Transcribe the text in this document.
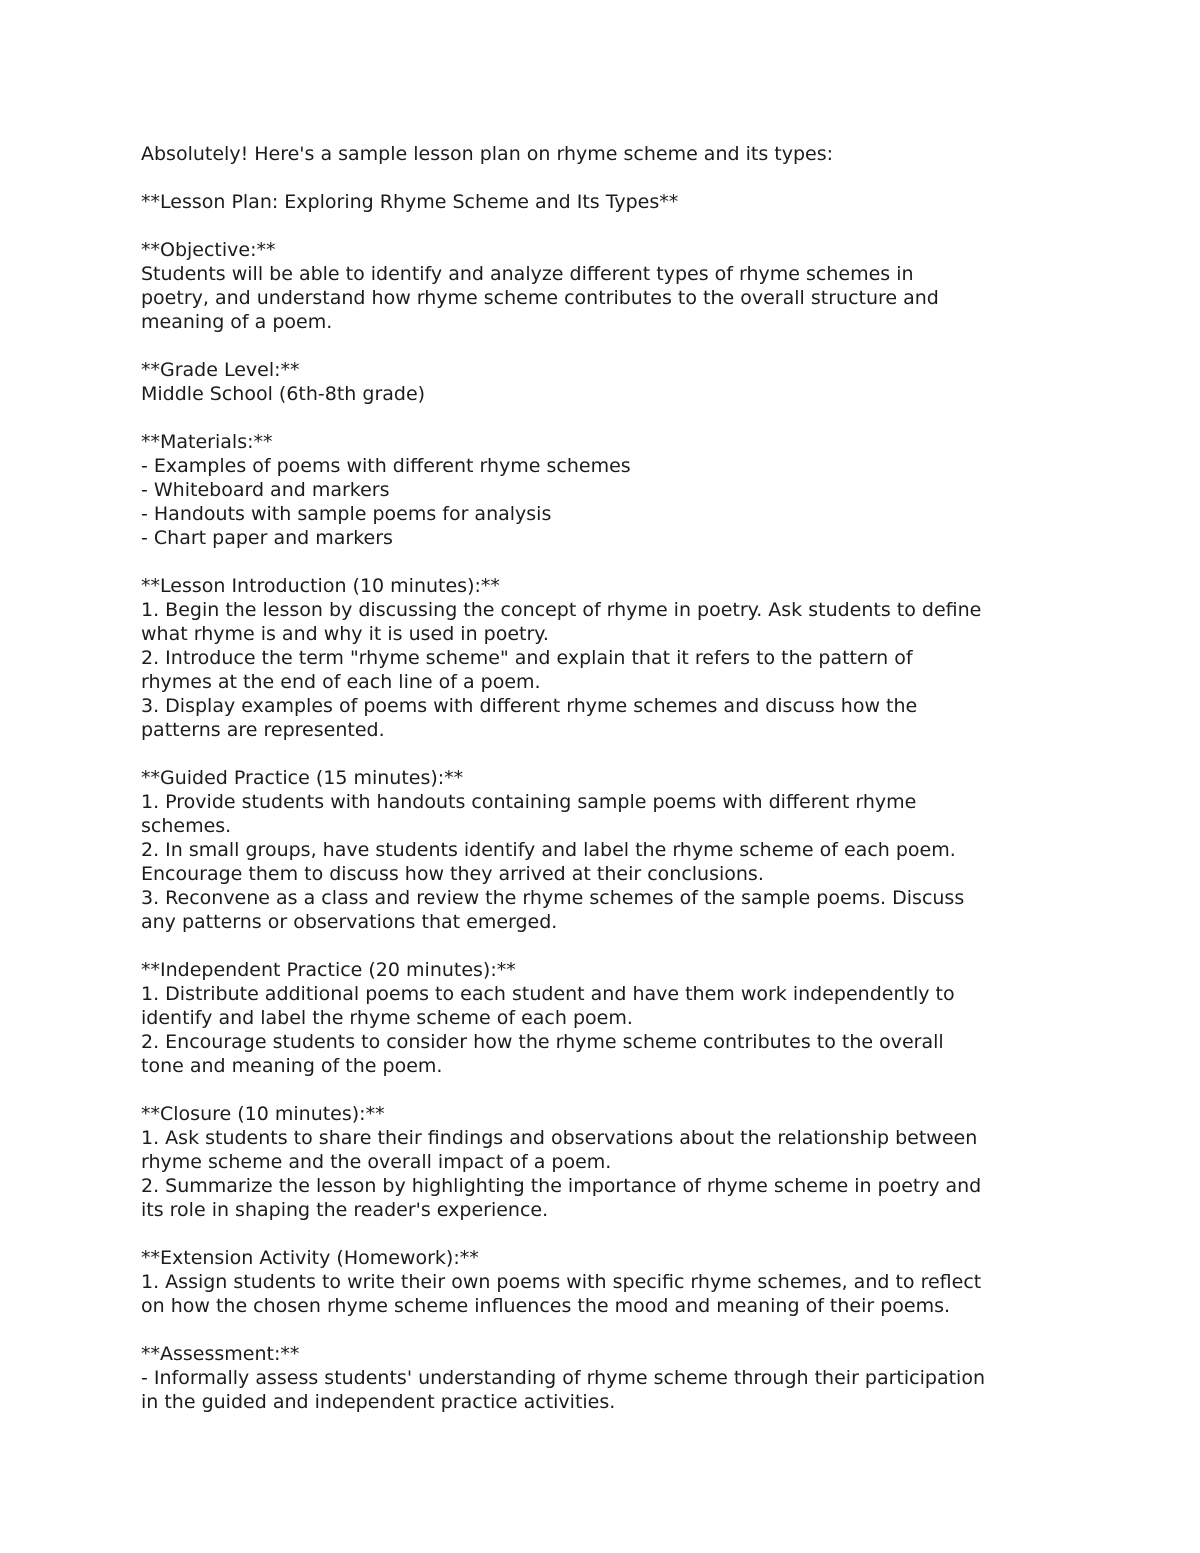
Absolutely! Here's a sample lesson plan on rhyme scheme and its types:
**Lesson Plan: Exploring Rhyme Scheme and Its Types**
**Objective:**
Students will be able to identify and analyze different types of rhyme schemes in
poetry, and understand how rhyme scheme contributes to the overall structure and
meaning of a poem.
**Grade Level:**
Middle School (6th-8th grade)
**Materials:**
- Examples of poems with different rhyme schemes
- Whiteboard and markers
- Handouts with sample poems for analysis
- Chart paper and markers
**Lesson Introduction (10 minutes):**
1. Begin the lesson by discussing the concept of rhyme in poetry. Ask students to define
what rhyme is and why it is used in poetry.
2. Introduce the term "rhyme scheme" and explain that it refers to the pattern of
rhymes at the end of each line of a poem.
3. Display examples of poems with different rhyme schemes and discuss how the
patterns are represented.
**Guided Practice (15 minutes):**
1. Provide students with handouts containing sample poems with different rhyme
schemes.
2. In small groups, have students identify and label the rhyme scheme of each poem.
Encourage them to discuss how they arrived at their conclusions.
3. Reconvene as a class and review the rhyme schemes of the sample poems. Discuss
any patterns or observations that emerged.
**Independent Practice (20 minutes):**
1. Distribute additional poems to each student and have them work independently to
identify and label the rhyme scheme of each poem.
2. Encourage students to consider how the rhyme scheme contributes to the overall
tone and meaning of the poem.
**Closure (10 minutes):**
1. Ask students to share their findings and observations about the relationship between
rhyme scheme and the overall impact of a poem.
2. Summarize the lesson by highlighting the importance of rhyme scheme in poetry and
its role in shaping the reader's experience.
**Extension Activity (Homework):**
1. Assign students to write their own poems with specific rhyme schemes, and to reflect
on how the chosen rhyme scheme influences the mood and meaning of their poems.
**Assessment:**
- Informally assess students' understanding of rhyme scheme through their participation
in the guided and independent practice activities.
